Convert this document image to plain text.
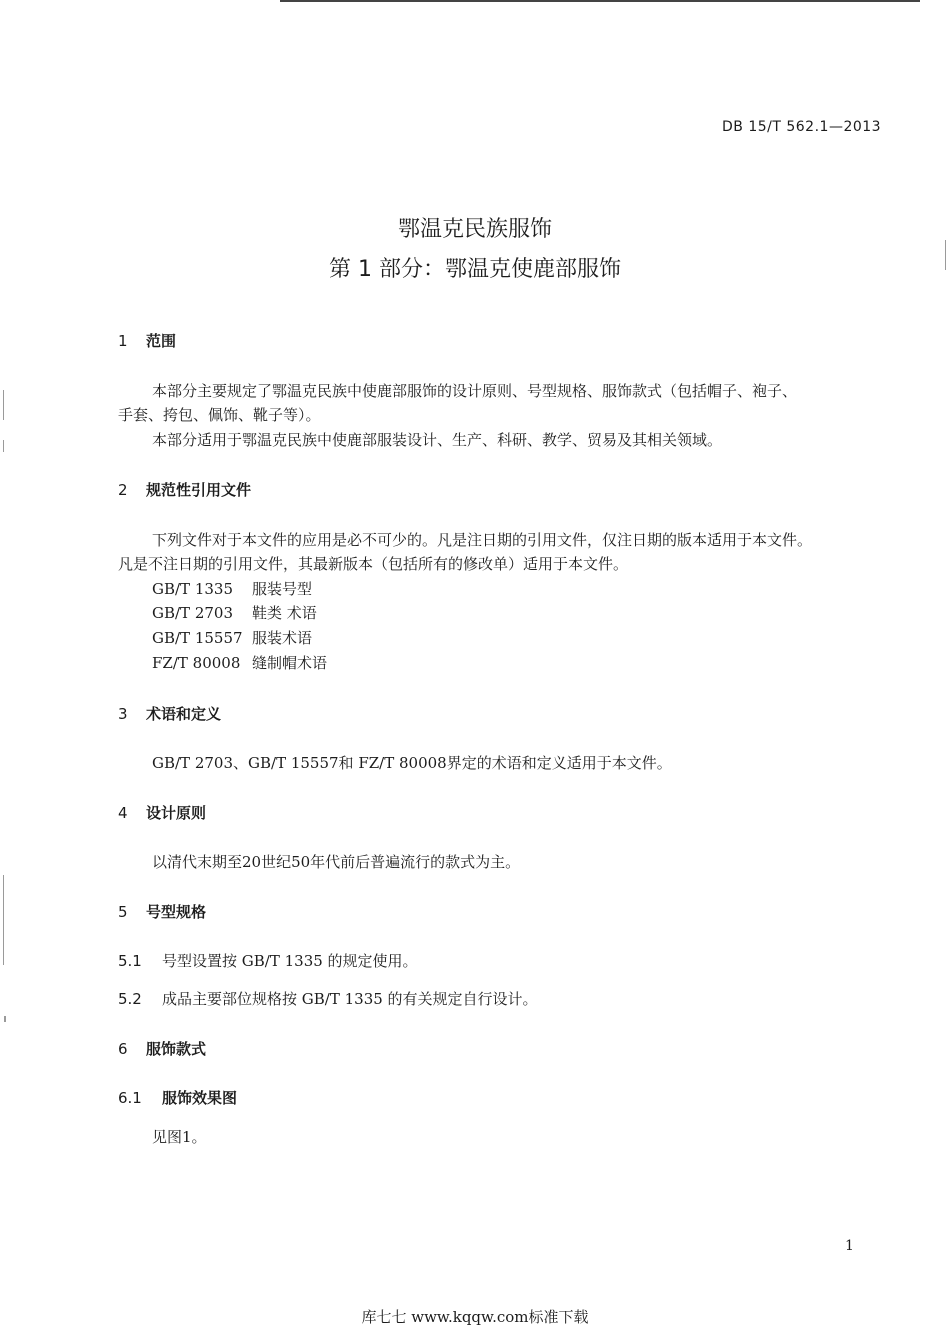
DB 15/T 562.1—2013
鄂温克民族服饰
第 1 部分：鄂温克使鹿部服饰
1 范围
本部分主要规定了鄂温克民族中使鹿部服饰的设计原则、号型规格、服饰款式（包括帽子、袍子、
手套、挎包、佩饰、靴子等）。
本部分适用于鄂温克民族中使鹿部服装设计、生产、科研、教学、贸易及其相关领域。
2 规范性引用文件
下列文件对于本文件的应用是必不可少的。凡是注日期的引用文件，仅注日期的版本适用于本文件。
凡是不注日期的引用文件，其最新版本（包括所有的修改单）适用于本文件。
GB/T 1335 服装号型
GB/T 2703 鞋类 术语
GB/T 15557 服装术语
FZ/T 80008 缝制帽术语
3 术语和定义
GB/T 2703、GB/T 15557和 FZ/T 80008界定的术语和定义适用于本文件。
4 设计原则
以清代末期至20世纪50年代前后普遍流行的款式为主。
5 号型规格
5.1 号型设置按 GB/T 1335 的规定使用。
5.2 成品主要部位规格按 GB/T 1335 的有关规定自行设计。
6 服饰款式
6.1 服饰效果图
见图1。
1
库七七 www.kqqw.com标准下载
